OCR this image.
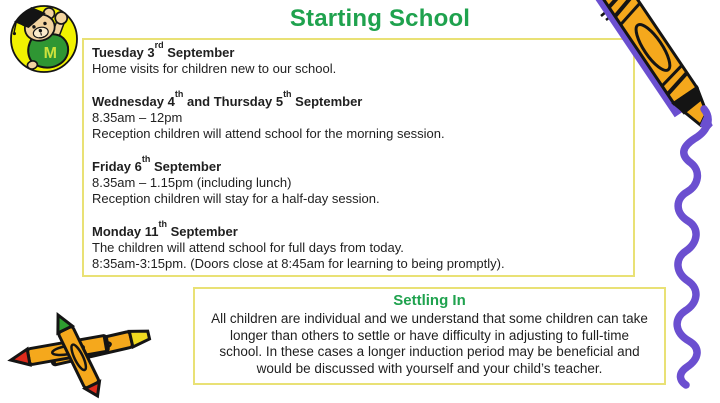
Starting School
Tuesday 3rd September
Home visits for children new to our school.
Wednesday 4th and Thursday 5th September
8.35am – 12pm
Reception children will attend school for the morning session.
Friday 6th September
8.35am – 1.15pm (including lunch)
Reception children will stay for a half-day session.
Monday 11th September
The children will attend school for full days from today.
8:35am-3:15pm. (Doors close at 8:45am for learning to being promptly).
Settling In
All children are individual and we understand that some children can take longer than others to settle or have difficulty in adjusting to full-time school. In these cases a longer induction period may be beneficial and would be discussed with yourself and your child’s teacher.
M
